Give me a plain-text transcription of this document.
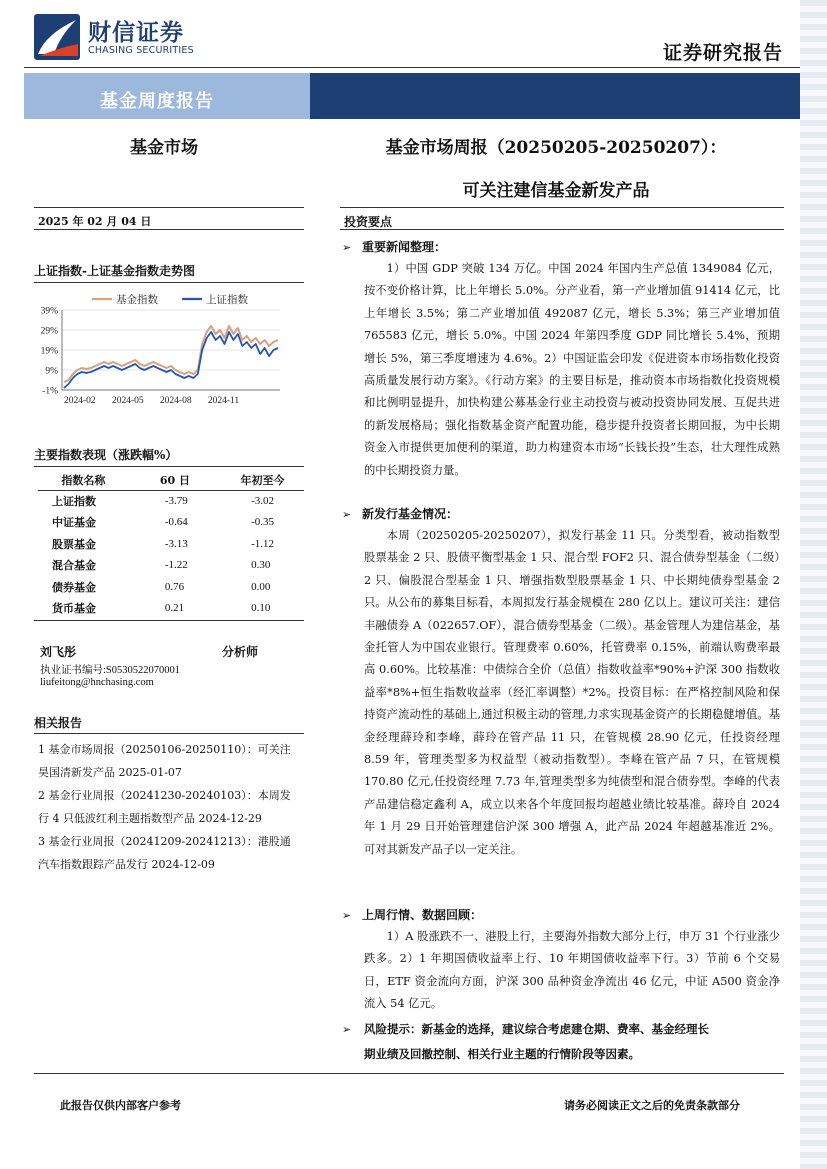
财信证券
CHASING SECURITIES	证券研究报告
基金周度报告
基金市场	基金市场周报（20250205-20250207）：
可关注建信基金新发产品
2025 年 02 月 04 日
上证指数-上证基金指数走势图
39%
29%
19%
9%
-1%
2024-02 2024-05 2024-08 2024-11
基金指数	上证指数
主要指数表现（涨跌幅%）
指数名称	60 日	年初至今
上证指数	-3.79	-3.02
中证基金	-0.64	-0.35
股票基金	-3.13	-1.12
混合基金	-1.22	0.30
债券基金	0.76	0.00
货币基金	0.21	0.10
刘飞彤	分析师
执业证书编号:S0530522070001
liufeitong@hnchasing.com
相关报告

1 基金市场周报（20250106-20250110）：可关注昊国清新发产品 2025-01-07

2 基金行业周报（20241230-20240103）：本周发行 4 只低波红利主题指数型产品 2024-12-29

3 基金行业周报（20241209-20241213）：港股通汽车指数跟踪产品发行 2024-12-09

投资要点
➢ 重要新闻整理：

1）中国 GDP 突破 134 万亿。中国 2024 年国内生产总值 1349084 亿元，按不变价格计算，比上年增长 5.0%。分产业看，第一产业增加值 91414 亿元，比上年增长 3.5%；第二产业增加值 492087 亿元，增长 5.3%；第三产业增加值 765583 亿元，增长 5.0%。中国 2024 年第四季度 GDP 同比增长 5.4%，预期增长 5%，第三季度增速为 4.6%。2）中国证监会印发《促进资本市场指数化投资高质量发展行动方案》。《行动方案》的主要目标是，推动资本市场指数化投资规模和比例明显提升，加快构建公募基金行业主动投资与被动投资协同发展、互促共进的新发展格局；强化指数基金资产配置功能，稳步提升投资者长期回报，为中长期资金入市提供更加便利的渠道，助力构建资本市场“长钱长投”生态，壮大理性成熟的中长期投资力量。

➢ 新发行基金情况：

本周（20250205-20250207），拟发行基金 11 只。分类型看，被动指数型股票基金 2 只、股债平衡型基金 1 只、混合型 FOF2 只、混合债券型基金（二级）2 只、偏股混合型基金 1 只、增强指数型股票基金 1 只、中长期纯债券型基金 2 只。从公布的募集目标看，本周拟发行基金规模在 280 亿以上。建议可关注：建信丰融债券 A（022657.OF），混合债券型基金（二级）。基金管理人为建信基金，基金托管人为中国农业银行。管理费率 0.60%，托管费率 0.15%，前端认购费率最高 0.60%。比较基准：中债综合全价（总值）指数收益率*90%+沪深 300 指数收益率*8%+恒生指数收益率（经汇率调整）*2%。投资目标：在严格控制风险和保持资产流动性的基础上,通过积极主动的管理,力求实现基金资产的长期稳健增值。基金经理薛玲和李峰，薛玲在管产品 11 只，在管规模 28.90 亿元，任投资经理 8.59 年，管理类型多为权益型（被动指数型）。李峰在管产品 7 只，在管规模 170.80 亿元,任投资经理 7.73 年,管理类型多为纯债型和混合债券型。李峰的代表产品建信稳定鑫利 A，成立以来各个年度回报均超越业绩比较基准。薛玲自 2024 年 1 月 29 日开始管理建信沪深 300 增强 A，此产品 2024 年超越基准近 2%。可对其新发产品子以一定关注。

➢ 上周行情、数据回顾：

1）A 股涨跌不一、港股上行，主要海外指数大部分上行，申万 31 个行业涨少跌多。2）1 年期国债收益率上行、10 年期国债收益率下行。3）节前 6 个交易日，ETF 资金流向方面，沪深 300 品种资金净流出 46 亿元，中证 A500 资金净流入 54 亿元。

➢ 风险提示：新基金的选择，建议综合考虑建仓期、费率、基金经理长
期业绩及回撤控制、相关行业主题的行情阶段等因素。
此报告仅供内部客户参考	请务必阅读正文之后的免责条款部分
